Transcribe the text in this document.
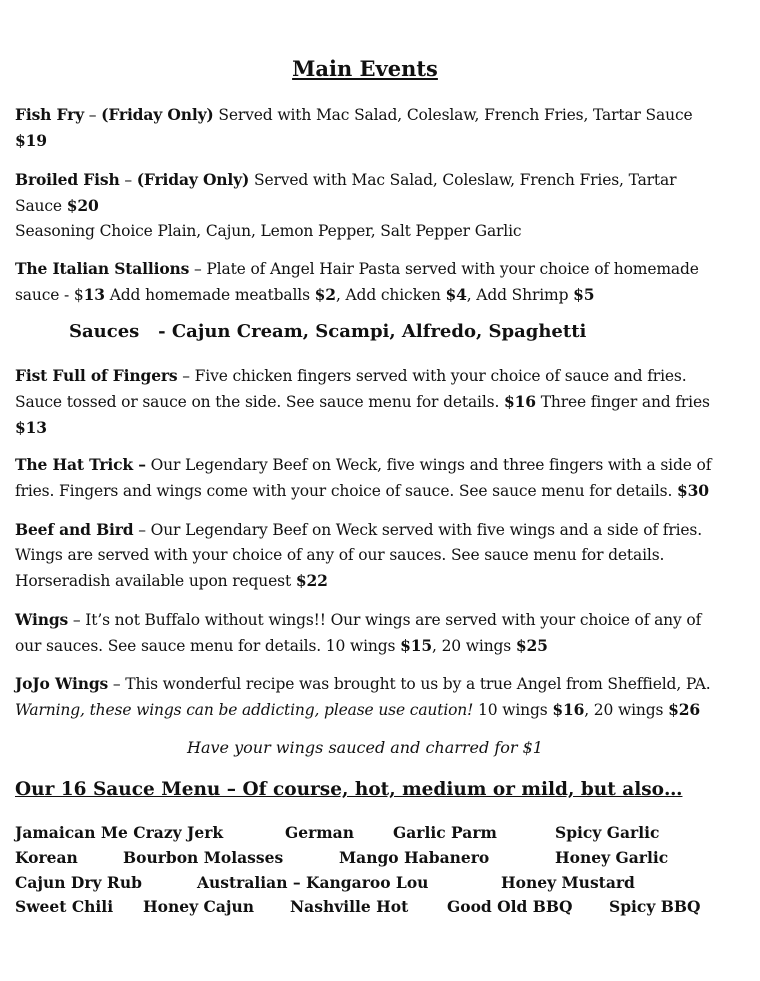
Main Events
Fish Fry – (Friday Only) Served with Mac Salad, Coleslaw, French Fries, Tartar Sauce
$19
Broiled Fish – (Friday Only) Served with Mac Salad, Coleslaw, French Fries, Tartar Sauce $20
Seasoning Choice Plain, Cajun, Lemon Pepper, Salt Pepper Garlic
The Italian Stallions – Plate of Angel Hair Pasta served with your choice of homemade sauce - $13 Add homemade meatballs $2, Add chicken $4, Add Shrimp $5
Sauces   - Cajun Cream, Scampi, Alfredo, Spaghetti
Fist Full of Fingers – Five chicken fingers served with your choice of sauce and fries. Sauce tossed or sauce on the side. See sauce menu for details. $16 Three finger and fries $13
The Hat Trick – Our Legendary Beef on Weck, five wings and three fingers with a side of fries. Fingers and wings come with your choice of sauce. See sauce menu for details. $30
Beef and Bird – Our Legendary Beef on Weck served with five wings and a side of fries. Wings are served with your choice of any of our sauces. See sauce menu for details. Horseradish available upon request $22
Wings – It’s not Buffalo without wings!! Our wings are served with your choice of any of our sauces. See sauce menu for details. 10 wings $15, 20 wings $25
JoJo Wings – This wonderful recipe was brought to us by a true Angel from Sheffield, PA.
Warning, these wings can be addicting, please use caution! 10 wings $16, 20 wings $26
Have your wings sauced and charred for $1
Our 16 Sauce Menu – Of course, hot, medium or mild, but also…
Jamaican Me Crazy Jerk	German	Garlic Parm	Spicy Garlic
Korean	Bourbon Molasses	Mango Habanero	Honey Garlic
Cajun Dry Rub	Australian – Kangaroo Lou	Honey Mustard
Sweet Chili Honey Cajun Nashville Hot Good Old BBQ Spicy BBQ
